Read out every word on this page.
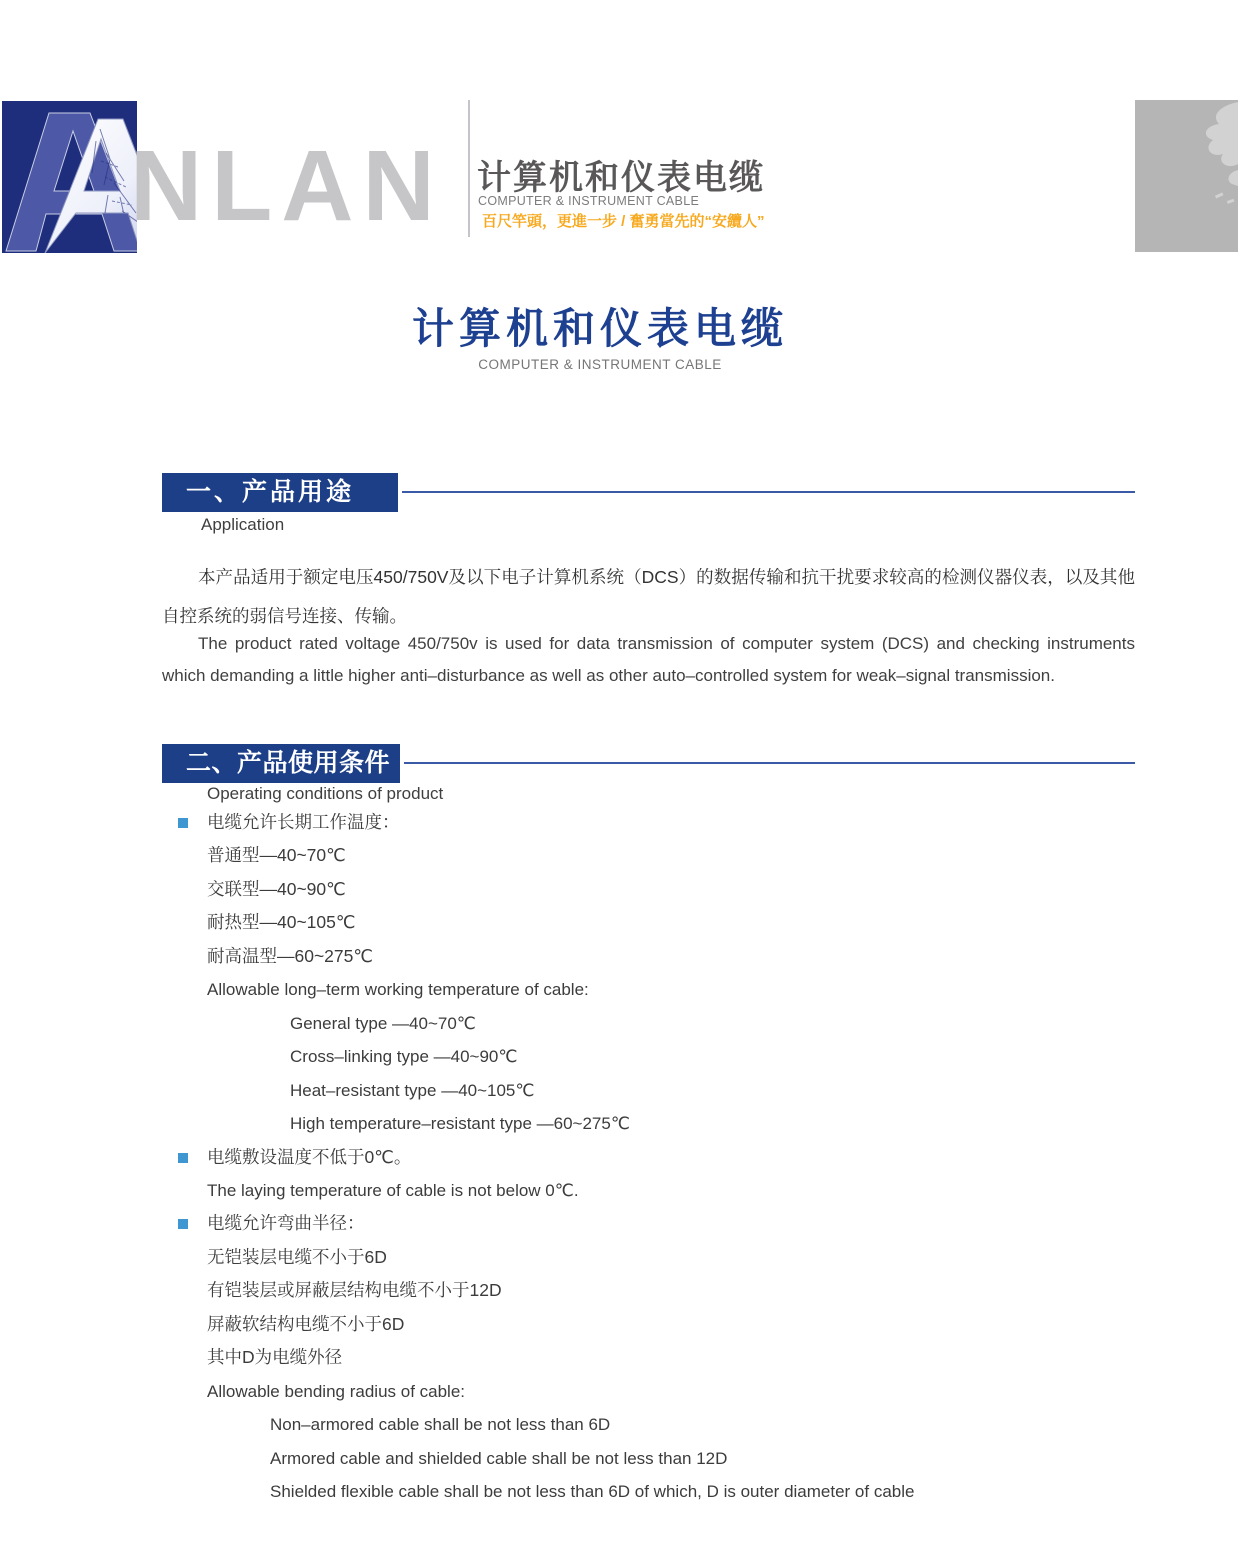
NLAN 计算机和仪表电缆
COMPUTER & INSTRUMENT CABLE
百尺竿頭，更進一步 / 奮勇當先的“安纜人”
计算机和仪表电缆
COMPUTER & INSTRUMENT CABLE
一、产品用途
Application
本产品适用于额定电压450/750V及以下电子计算机系统（DCS）的数据传输和抗干扰要求较高的检测仪器仪表，以及其他自控系统的弱信号连接、传输。
The product rated voltage 450/750v is used for data transmission of computer system (DCS) and checking instruments which demanding a little higher anti–disturbance as well as other auto–controlled system for weak–signal transmission.
二、产品使用条件
Operating conditions of product
电缆允许长期工作温度：
普通型—40~70℃
交联型—40~90℃
耐热型—40~105℃
耐高温型—60~275℃
Allowable long–term working temperature of cable:
General type —40~70℃
Cross–linking type —40~90℃
Heat–resistant type —40~105℃
High temperature–resistant type —60~275℃
电缆敷设温度不低于0℃。
The laying temperature of cable is not below 0℃.
电缆允许弯曲半径：
无铠装层电缆不小于6D
有铠装层或屏蔽层结构电缆不小于12D
屏蔽软结构电缆不小于6D
其中D为电缆外径
Allowable bending radius of cable:
Non–armored cable shall be not less than 6D
Armored cable and shielded cable shall be not less than 12D
Shielded flexible cable shall be not less than 6D of which, D is outer diameter of cable
